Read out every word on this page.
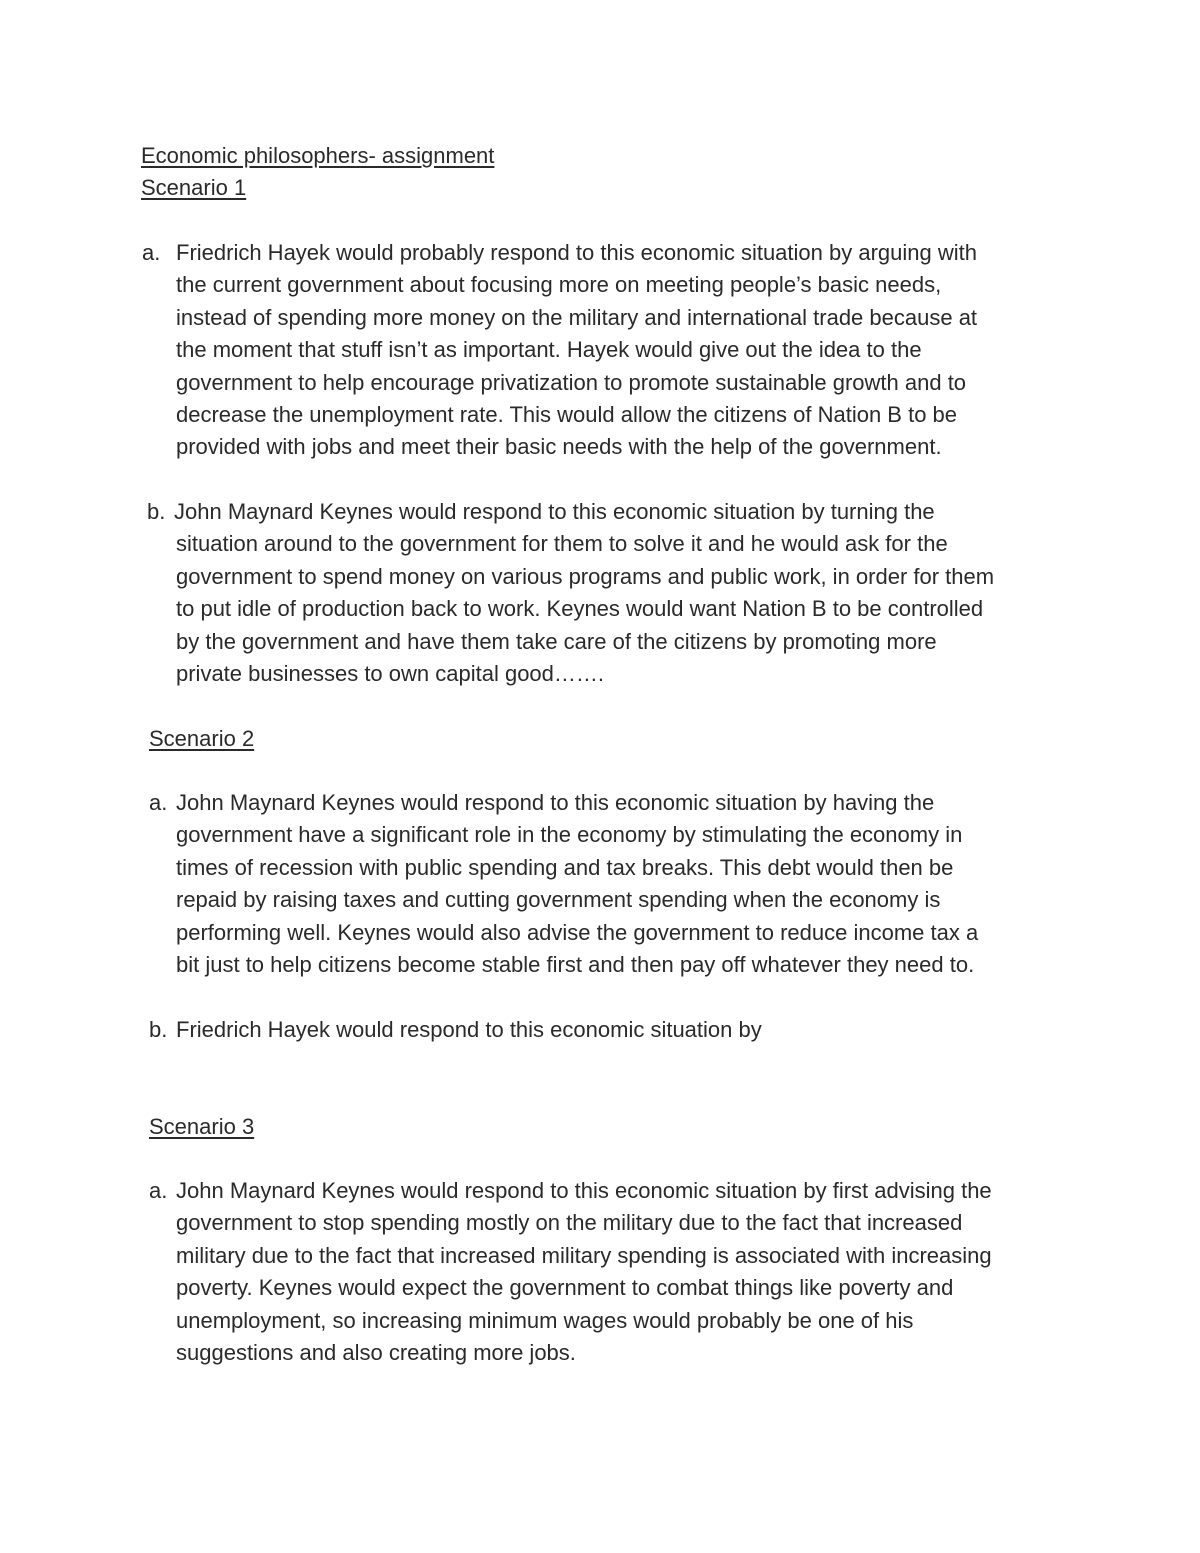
Economic philosophers- assignment
Scenario 1
a. Friedrich Hayek would probably respond to this economic situation by arguing with
the current government about focusing more on meeting people’s basic needs,
instead of spending more money on the military and international trade because at
the moment that stuff isn’t as important. Hayek would give out the idea to the
government to help encourage privatization to promote sustainable growth and to
decrease the unemployment rate. This would allow the citizens of Nation B to be
provided with jobs and meet their basic needs with the help of the government.
b. John Maynard Keynes would respond to this economic situation by turning the
situation around to the government for them to solve it and he would ask for the
government to spend money on various programs and public work, in order for them
to put idle of production back to work. Keynes would want Nation B to be controlled
by the government and have them take care of the citizens by promoting more
private businesses to own capital good…….
Scenario 2
a. John Maynard Keynes would respond to this economic situation by having the
government have a significant role in the economy by stimulating the economy in
times of recession with public spending and tax breaks. This debt would then be
repaid by raising taxes and cutting government spending when the economy is
performing well. Keynes would also advise the government to reduce income tax a
bit just to help citizens become stable first and then pay off whatever they need to.
b. Friedrich Hayek would respond to this economic situation by
Scenario 3
a. John Maynard Keynes would respond to this economic situation by first advising the
government to stop spending mostly on the military due to the fact that increased
military due to the fact that increased military spending is associated with increasing
poverty. Keynes would expect the government to combat things like poverty and
unemployment, so increasing minimum wages would probably be one of his
suggestions and also creating more jobs.
